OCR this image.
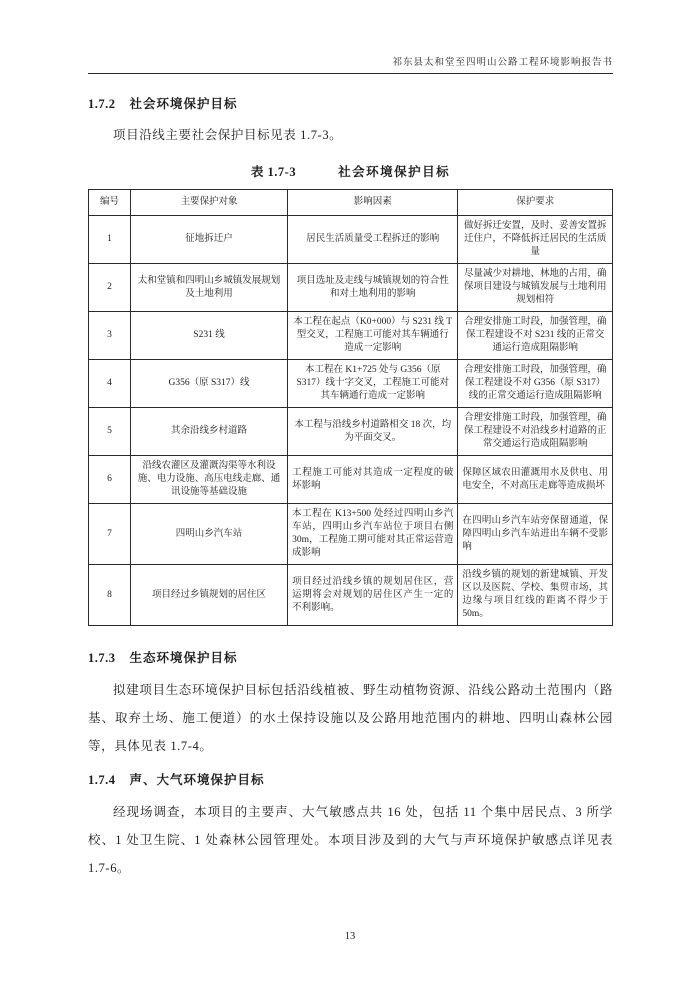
祁东县太和堂至四明山公路工程环境影响报告书
1.7.2 社会环境保护目标

项目沿线主要社会保护目标见表 1.7-3。

表 1.7-3	社会环境保护目标
编号	主要保护对象	影响因素	保护要求
1	征地拆迁户	居民生活质量受工程拆迁的影响	做好拆迁安置，及时、妥善安置拆迁住户，不降低拆迁居民的生活质量
2	太和堂镇和四明山乡城镇发展规划及土地利用	项目选址及走线与城镇规划的符合性和对土地利用的影响	尽量减少对耕地、林地的占用，确保项目建设与城镇发展与土地利用规划相符
3	S231 线	本工程在起点（K0+000）与 S231 线 T 型交叉，工程施工可能对其车辆通行造成一定影响	合理安排施工时段，加强管理，确保工程建设不对 S231 线的正常交通运行造成阻隔影响
4	G356（原 S317）线	本工程在 K1+725 处与 G356（原 S317）线十字交叉，工程施工可能对其车辆通行造成一定影响	合理安排施工时段，加强管理，确保工程建设不对 G356（原 S317）线的正常交通运行造成阻隔影响
5	其余沿线乡村道路	本工程与沿线乡村道路相交 18 次，均为平面交叉。	合理安排施工时段，加强管理，确保工程建设不对沿线乡村道路的正常交通运行造成阻隔影响
6	沿线农灌区及灌溉沟渠等水利设施、电力设施、高压电线走廊、通讯设施等基础设施	工程施工可能对其造成一定程度的破坏影响	保障区域农田灌溉用水及供电、用电安全，不对高压走廊等造成损坏
7	四明山乡汽车站	本工程在 K13+500 处经过四明山乡汽车站，四明山乡汽车站位于项目右侧 30m，工程施工期可能对其正常运营造成影响	在四明山乡汽车站旁保留通道，保障四明山乡汽车站进出车辆不受影响
8	项目经过乡镇规划的居住区	项目经过沿线乡镇的规划居住区，营运期将会对规划的居住区产生一定的不利影响。	沿线乡镇的规划的新建城镇、开发区以及医院、学校、集贸市场，其边缘与项目红线的距离不得少于50m。
1.7.3 生态环境保护目标

拟建项目生态环境保护目标包括沿线植被、野生动植物资源、沿线公路动土范围内（路基、取弃土场、施工便道）的水土保持设施以及公路用地范围内的耕地、四明山森林公园等，具体见表 1.7-4。

1.7.4 声、大气环境保护目标

经现场调查，本项目的主要声、大气敏感点共 16 处，包括 11 个集中居民点、3 所学校、1 处卫生院、1 处森林公园管理处。本项目涉及到的大气与声环境保护敏感点详见表 1.7-6。

13
